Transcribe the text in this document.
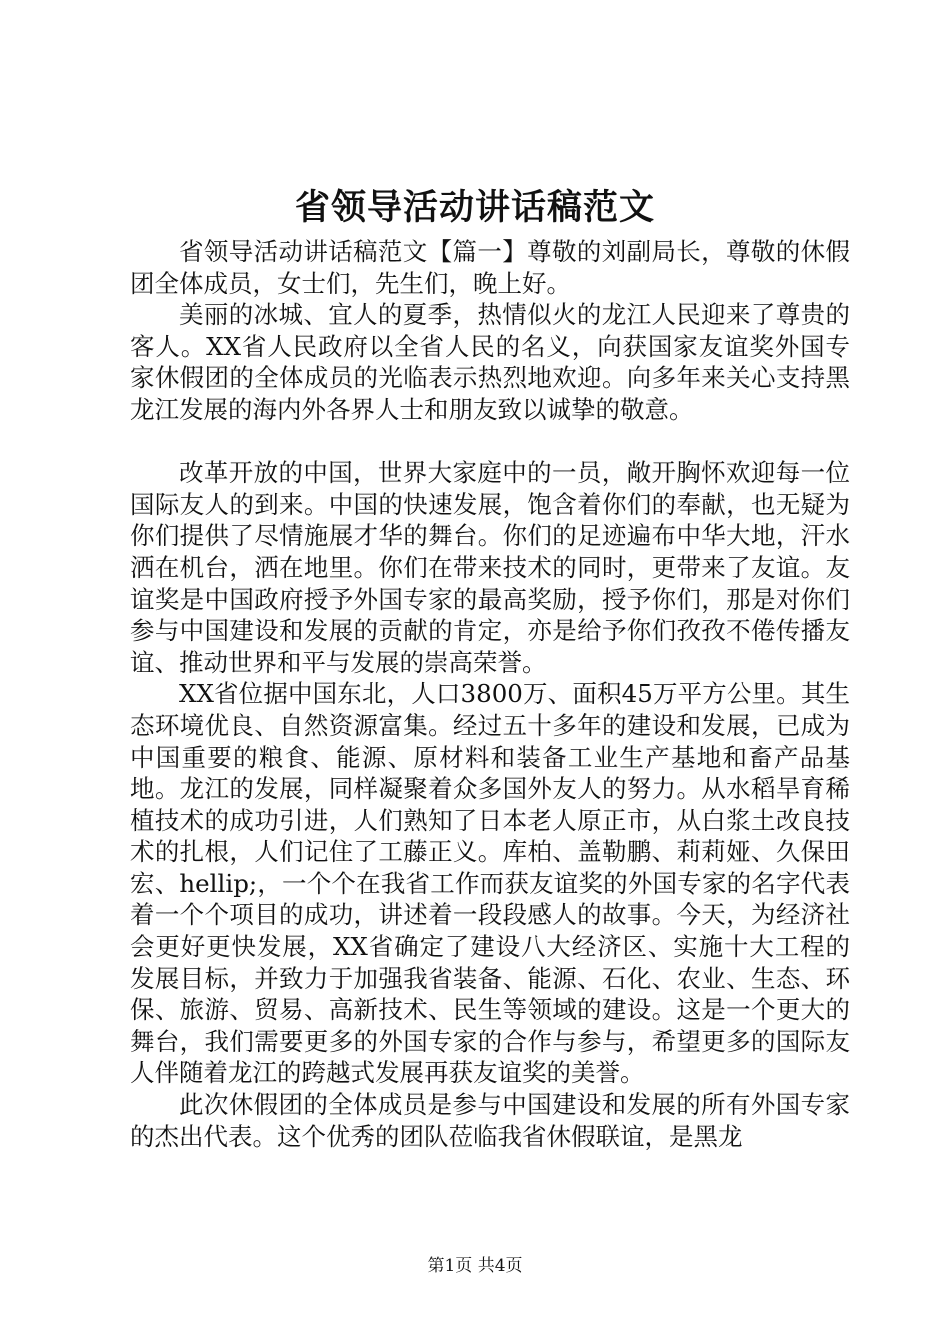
省领导活动讲话稿范文

省领导活动讲话稿范文【篇一】尊敬的刘副局长，尊敬的休假团全体成员，女士们，先生们，晚上好。

美丽的冰城、宜人的夏季，热情似火的龙江人民迎来了尊贵的客人。XX省人民政府以全省人民的名义，向获国家友谊奖外国专家休假团的全体成员的光临表示热烈地欢迎。向多年来关心支持黑龙江发展的海内外各界人士和朋友致以诚挚的敬意。

改革开放的中国，世界大家庭中的一员，敞开胸怀欢迎每一位国际友人的到来。中国的快速发展，饱含着你们的奉献，也无疑为你们提供了尽情施展才华的舞台。你们的足迹遍布中华大地，汗水洒在机台，洒在地里。你们在带来技术的同时，更带来了友谊。友谊奖是中国政府授予外国专家的最高奖励，授予你们，那是对你们参与中国建设和发展的贡献的肯定，亦是给予你们孜孜不倦传播友谊、推动世界和平与发展的崇高荣誉。

XX省位据中国东北，人口3800万、面积45万平方公里。其生态环境优良、自然资源富集。经过五十多年的建设和发展，已成为中国重要的粮食、能源、原材料和装备工业生产基地和畜产品基地。龙江的发展，同样凝聚着众多国外友人的努力。从水稻旱育稀植技术的成功引进，人们熟知了日本老人原正市，从白浆土改良技术的扎根，人们记住了工藤正义。库柏、盖勒鹏、莉莉娅、久保田宏、hellip;，一个个在我省工作而获友谊奖的外国专家的名字代表着一个个项目的成功，讲述着一段段感人的故事。今天，为经济社会更好更快发展，XX省确定了建设八大经济区、实施十大工程的发展目标，并致力于加强我省装备、能源、石化、农业、生态、环保、旅游、贸易、高新技术、民生等领域的建设。这是一个更大的舞台，我们需要更多的外国专家的合作与参与，希望更多的国际友人伴随着龙江的跨越式发展再获友谊奖的美誉。

此次休假团的全体成员是参与中国建设和发展的所有外国专家的杰出代表。这个优秀的团队莅临我省休假联谊，是黑龙

第1页 共4页
